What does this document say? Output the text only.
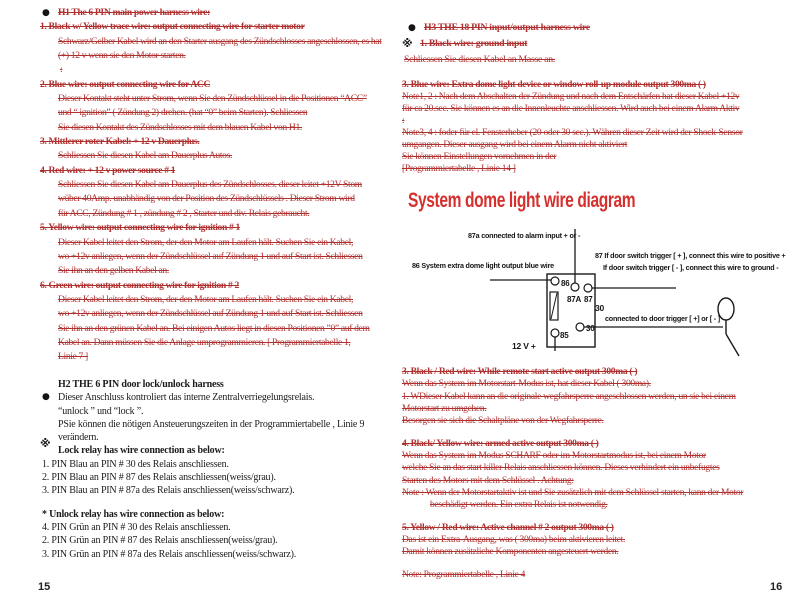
● H1 The 6 PIN main power harness wire:
1. Black w/ Yellow trace wire: output connecting wire for starter motor
Schwarz/Gelber Kabel wird an den Starter ausgang des Zündschlosses angeschlossen, es hat
(+) 12 v wenn sie den Motor starten.
:
2. Blue wire: output connecting wire for ACC
Dieser Kontakt steht unter Strom, wenn Sie den Zündschlüssel in die Positionen “ACC”
und “ ignition” ( Zündung 2) drehen. (hat “0” beim Starten). Schliessen
Sie diesen Kontakt des Zündschlosses mit dem blauen Kabel von H1.
3. Mittlerer roter Kabel: + 12 v Dauerplus.
Schliessen Sie diesen Kabel am Dauerplus Autos.
4. Red wire: + 12 v power source # 1
Schliessen Sie diesen Kabel am Dauerplus des Zündschlosses. dieser leitet +12V Stom
wüber 40Amp. unabhändig von der Position des Zündschlüssels . Dieser Strom wird
für ACC, Zündung # 1 , zündung # 2 , Starter und div. Relais gebraucht.
5. Yellow wire: output connecting wire for ignition # 1
Dieser Kabel leitet den Strom, der den Motor am Laufen hält. Suchen Sie ein Kabel,
wo +12v anliegen, wenn der Zündschlüssel auf Zündung 1 und auf Start ist. Schliessen
Sie ihn an den gelben Kabel an.
6. Green wire: output connecting wire for ignition # 2
Dieser Kabel leitet den Strom, der den Motor am Laufen hält. Suchen Sie ein Kabel,
wo +12v anliegen, wenn der Zündschlüssel auf Zündung 1 und auf Start ist. Schliessen
Sie ihn an den grünen Kabel an. Bei einigen Autos liegt in diesen Positionen ”0” auf dem
Kabel an. Dann müssen Sie die Anlage umprogrammieren. [ Programmiertabelle 1,
Linie 7 ]
H2 THE 6 PIN door lock/unlock harness
● Dieser Anschluss kontroliert das interne Zentralverriegelungsrelais.
“unlock ” und “lock ”.
PSie können die nötigen Ansteuerungszeiten in der Programmiertabelle , Linie 9
verändern.
※
Lock relay has wire connection as below:
1. PIN Blau an PIN # 30 des Relais anschliessen.
2. PIN Blau an PIN # 87 des Relais anschliessen(weiss/grau).
3. PIN Blau an PIN # 87a des Relais anschliessen(weiss/schwarz).
* Unlock relay has wire connection as below:
4. PIN Grün an PIN # 30 des Relais anschliessen.
2. PIN Grün an PIN # 87 des Relais anschliessen(weiss/grau).
3. PIN Grün an PIN # 87a des Relais anschliessen(weiss/schwarz).
15
● H3 THE 18 PIN input/output harness wire
※ 1. Black wire: ground input
Schliessen Sie diesen Kabel an Masse an.
3. Blue wire: Extra dome light device or window roll-up module output 300ma ( )
Note1, 2 : Nach dem Abschalten der Zündung und nach dem Entschärfen hat dieser Kabel +12v
für ca 20.sec. Sie können es an die Innenleuchte anschliessen. Wird auch bei einem Alarm Aktiv
:
Note3, 4 : foder für el. Fensterheber (20 oder 30 sec.). Währen dieser Zeit wird der Shock-Sensor
umgangen. Dieser ausgang wird bei einem Alarm nicht aktiviert
Sie können Einstellungen vornehmen in der
[Programmiertabelle , Linie 14 ]
System dome light wire diagram
87a connected to alarm input + or -
87 If door switch trigger [ + ], connect this wire to positive +
If door switch trigger [ - ], connect this wire to ground -
86 System extra dome light output blue wire
86
87A 87
30
connected to door trigger [ +] or [ - ]
30
85
12 V +
3. Black / Red wire: While remote start active output 300ma ( )
Wenn das System im Motorstart-Modus ist, hat dieser Kabel ( 300ma).
1. WDieser Kabel kann an die originale wegfahrsperre angeschlossen werden, un sie bei einem
Motorstart zu umgehen.
Besorgen sie sich die Schaltpläne von der Wegfahrsperre.
4. Black/ Yellow wire: armed active output 300ma ( )
Wenn das System im Modus SCHARF oder im Motorstartmodus ist, bei einem Motor
welche Sie an das start killer Relais anschliessen können. Dieses verhindert ein unbefugtes
Starten des Motors mit dem Schlüssel . Achtung:
Note : Wenn der Motorstartaktiv ist und Sie zusätzlich mit dem Schlüssel starten, kann der Motor
beschädigt werden. Ein extra Relais ist notwendig.
5. Yellow / Red wire: Active channel # 2 output 300ma ( )
Das ist ein Extra-Ausgang, was ( 300ma) beim aktivieren leitet.
Damit können zusätzliche Komponenten angesteuert werden.
Note: Programmiertabelle , Linie 4
16
